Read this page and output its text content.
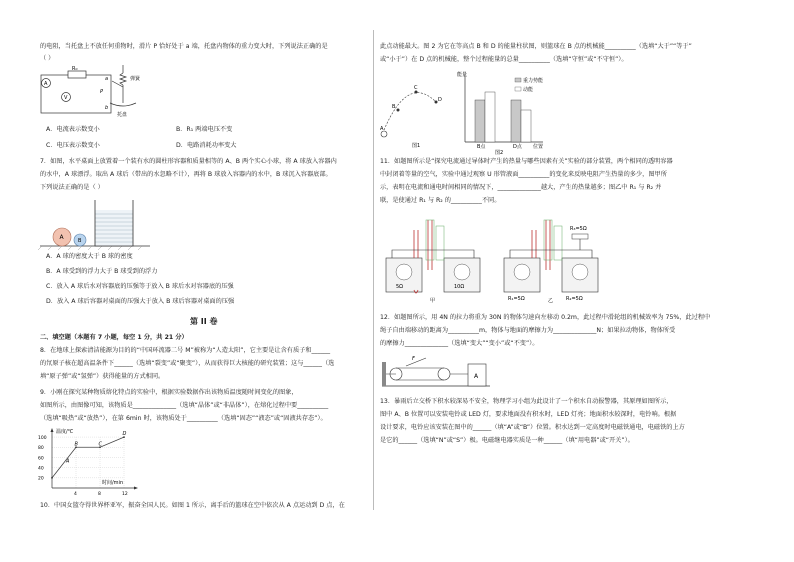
的电阻，当托盘上不放任何重物时，滑片 P 恰好处于 a 端，托盘内物体的重力变大时，下列说法正确的是
（ ）
A
V
R₀
a
b
P
弹簧
托盘
A．电流表示数变小	B．R₁ 两端电压不变
C．电压表示数变小	D．电路消耗功率变大
7．如图，水平桌面上放置着一个装有水的圆柱形容器和质量相等的 A、B 两个实心小球，将 A 球放入容器内
的水中，A 球漂浮。取出 A 球后（带出的水忽略不计），再将 B 球放入容器内的水中，B 球沉入容器底部。
下列说法正确的是（ ）
A	B
A．A 球的密度大于 B 球的密度
B．A 球受到的浮力大于 B 球受到的浮力
C．放入 A 球后水对容器底的压强等于放入 B 球后水对容器底的压强
D．放入 A 球后容器对桌面的压强大于放入 B 球后容器对桌面的压强
第 II 卷
二、填空题（本题有 7 小题，每空 1 分，共 21 分）
8．在地球上探索清洁能源为目的的“中国环流器二号 M”被称为“人造太阳”，它主要是让含有质子和______
的氘原子核在超高温条件下______（选填“裂变”或“聚变”），从而获得巨大核能的研究装置；这与______（选
填“原子弹”或“氢弹”）获得能量的方式相同。
9．小刚在探究某种物质熔化特点的实验中，根据实验数据作出该物质温度随时间变化的图象，
如图所示，由图像可知，该物质是______________（选填“晶体”或“非晶体”），在熔化过程中要__________
（选填“吸热”或“放热”），在第 6min 时，该物质处于__________（选填“固态”“液态”或“固液共存态”）。
温度/℃
时间/min
20
40
60
80
100
4	8	12
B	C
D
A
10．中国女篮夺得世界杯亚军，振奋全国人民。如图 1 所示，离手后的篮球在空中依次从 A 点运动到 D 点，在
此点动能最大。图 2 为它在等高点 B 和 D 的能量柱状图，则篮球在 B 点的机械能__________（选填“大于”“等于”
或“小于”）在 D 点的机械能，整个过程能量的总量__________（选填“守恒”或“不守恒”）。
A
B
C
D
图1
能量
重力势能
动能
B点	D点 位置
图2
11．如题图所示是“探究电流通过导体时产生的热量与哪些因素有关”实验的部分装置，两个相同的透明容器
中封闭着等量的空气，实验中通过观察 U 形管液面__________的变化来反映电阻产生热量的多少，图甲所
示，表明在电流和通电时间相同的情况下，______________越大，产生的热量越多；图乙中 R₁ 与 R₂ 并
联，是使通过 R₁ 与 R₂ 的__________不同。
5Ω	10Ω
甲
R₃=5Ω
R₁=5Ω	R₂=5Ω
乙
12．如题图所示，用 4N 的拉力将重为 30N 的物体匀速向左移动 0.2m，此过程中滑轮组的机械效率为 75%，此过程中
绳子自由端移动的距离为__________m，物体与地面的摩擦力为______________N；如果拉动物体，物体所受
的摩擦力______________（选填“变大”“变小”或“不变”）。
F
A
13．暴雨后立交桥下积水较深易不安全，物理学习小组为此设计了一个积水自动报警器，其原理如图所示，
图中 A、B 位置可以安装电铃或 LED 灯，要求地面没有积水时，LED 灯亮；地面积水较深时，电铃响。根据
设计要求，电铃应该安装在图中的______（填“A”或“B”）位置。积水达到一定高度时电磁铁通电，电磁铁的上方
是它的______（选填“N”或“S”）极。电磁继电器实质是一种______（填“用电器”或“开关”）。
